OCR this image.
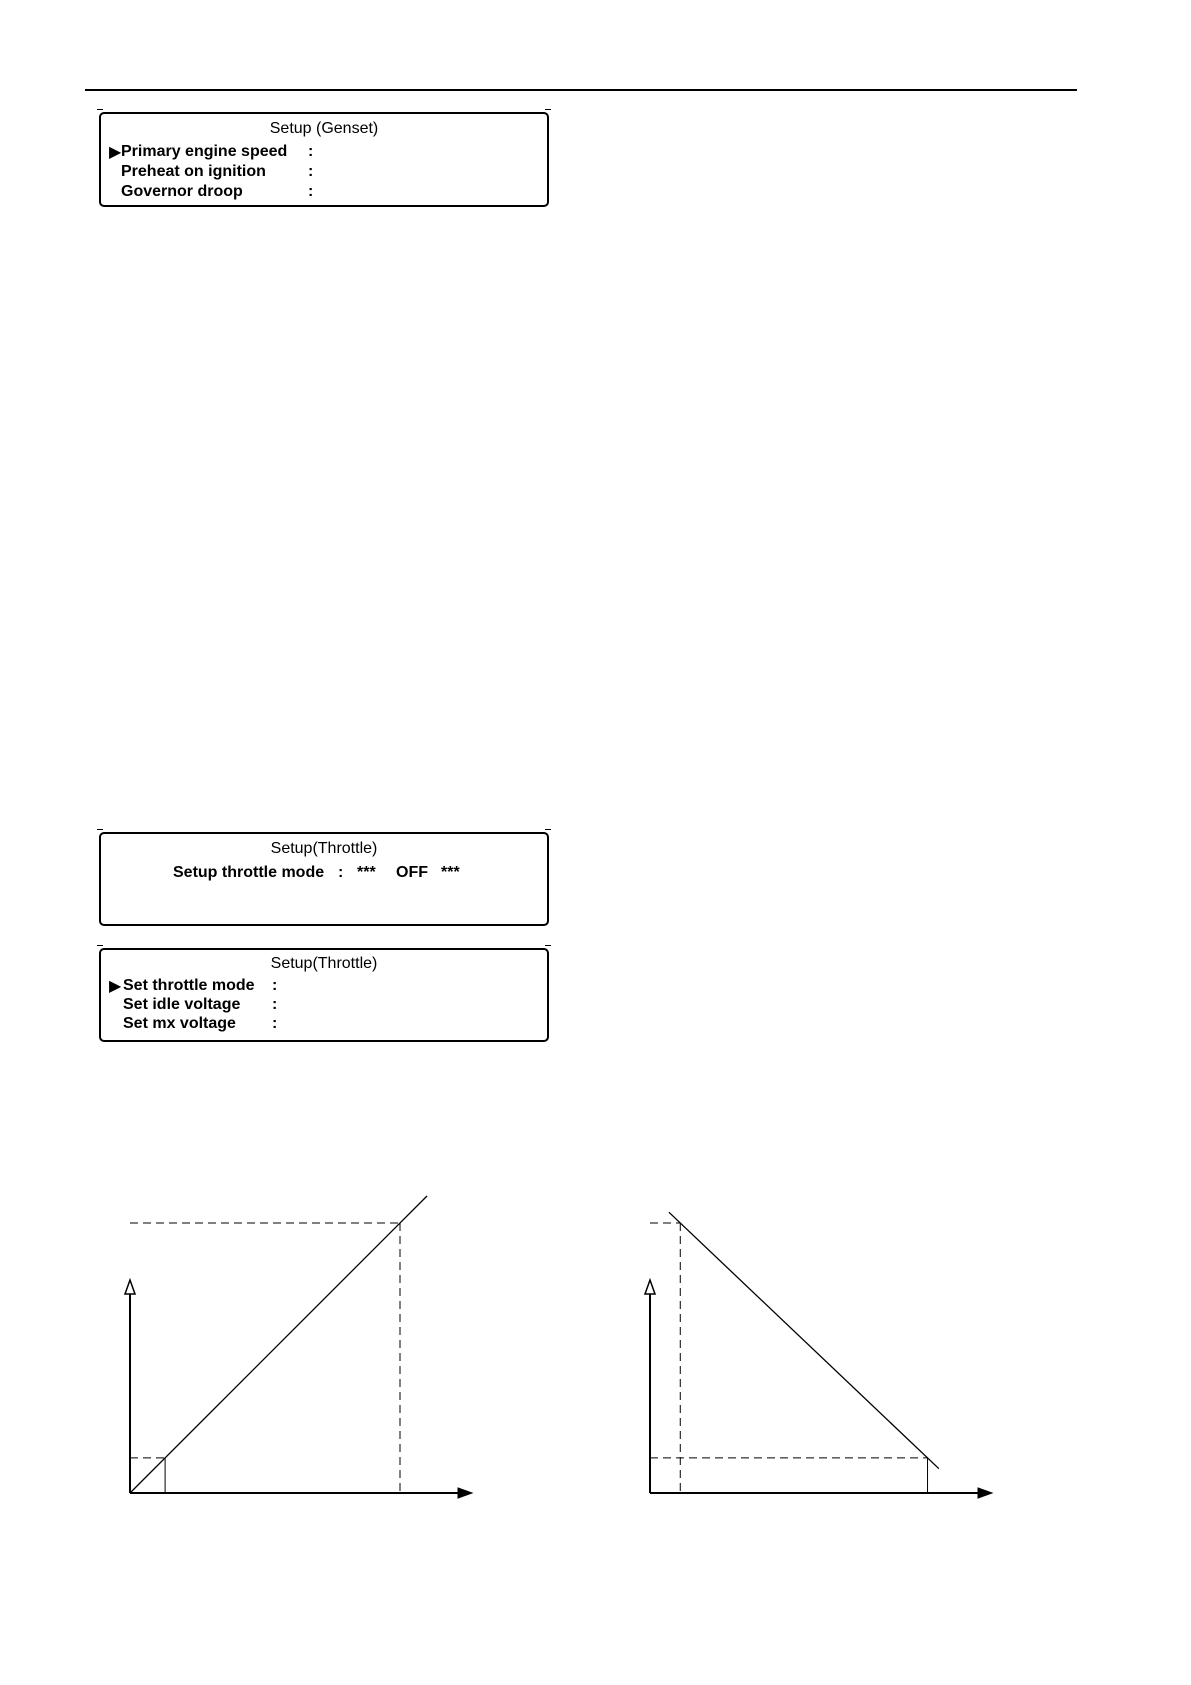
Setup (Genset)
▶ Primary engine speed :
Preheat on ignition	:
Governor droop	:
Setup(Throttle)
Setup throttle mode : *** OFF ***
Setup(Throttle)
▶ Set throttle mode :
Set idle voltage :
Set mx voltage :
